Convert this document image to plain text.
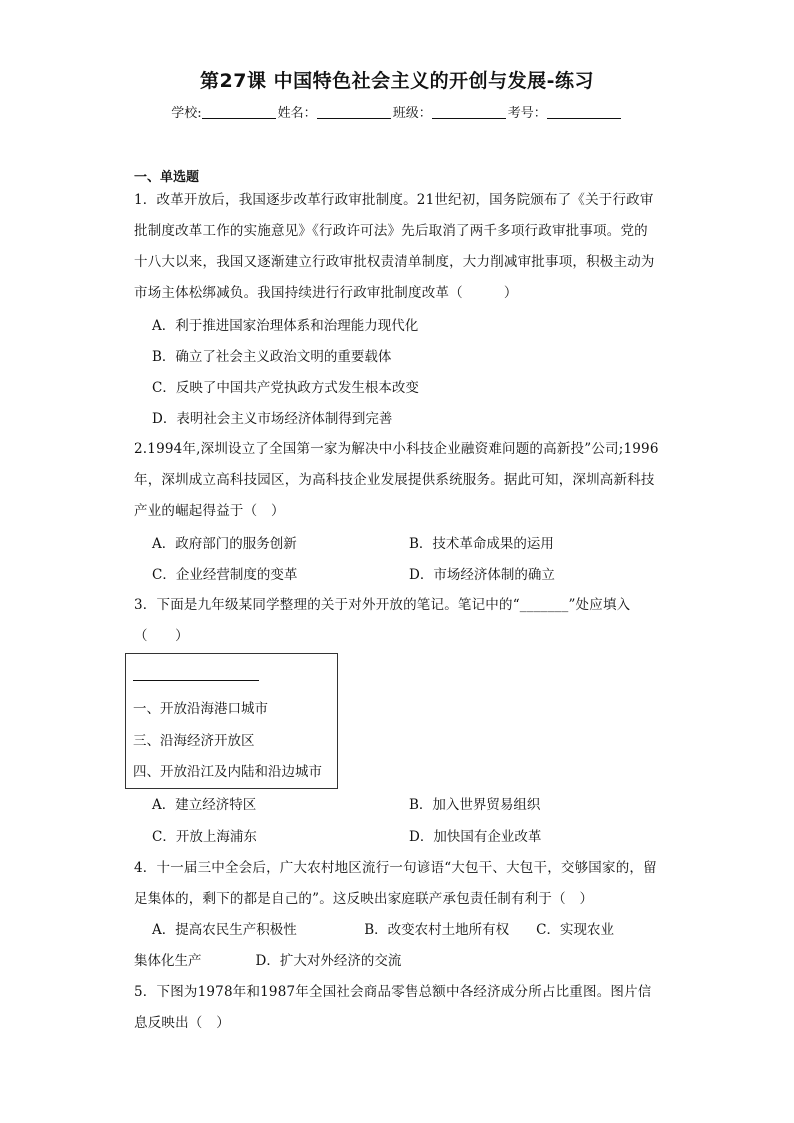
第27课 中国特色社会主义的开创与发展-练习
学校:	姓名：	班级：	考号：
一、单选题
1．改革开放后，我国逐步改革行政审批制度。21世纪初，国务院颁布了《关于行政审
批制度改革工作的实施意见》《行政许可法》先后取消了两千多项行政审批事项。党的
十八大以来，我国又逐渐建立行政审批权责清单制度，大力削减审批事项，积极主动为
市场主体松绑减负。我国持续进行行政审批制度改革（　　　）
A．利于推进国家治理体系和治理能力现代化
B．确立了社会主义政治文明的重要载体
C．反映了中国共产党执政方式发生根本改变
D．表明社会主义市场经济体制得到完善
2.1994年,深圳设立了全国第一家为解决中小科技企业融资难问题的高新投”公司;1996
年，深圳成立高科技园区，为高科技企业发展提供系统服务。据此可知，深圳高新科技
产业的崛起得益于（　）
A．政府部门的服务创新	B．技术革命成果的运用
C．企业经营制度的变革	D．市场经济体制的确立
3．下面是九年级某同学整理的关于对外开放的笔记。笔记中的“_______”处应填入
（　　）
一、开放沿海港口城市
三、沿海经济开放区
四、开放沿江及内陆和沿边城市
A．建立经济特区	B．加入世界贸易组织
C．开放上海浦东	D．加快国有企业改革
4．十一届三中全会后，广大农村地区流行一句谚语“大包干、大包干，交够国家的，留
足集体的，剩下的都是自己的”。这反映出家庭联产承包责任制有利于（　）
A．提高农民生产积极性　　　　　B．改变农村土地所有权　　C．实现农业
集体化生产　　　　D．扩大对外经济的交流
5．下图为1978年和1987年全国社会商品零售总额中各经济成分所占比重图。图片信
息反映出（　）
